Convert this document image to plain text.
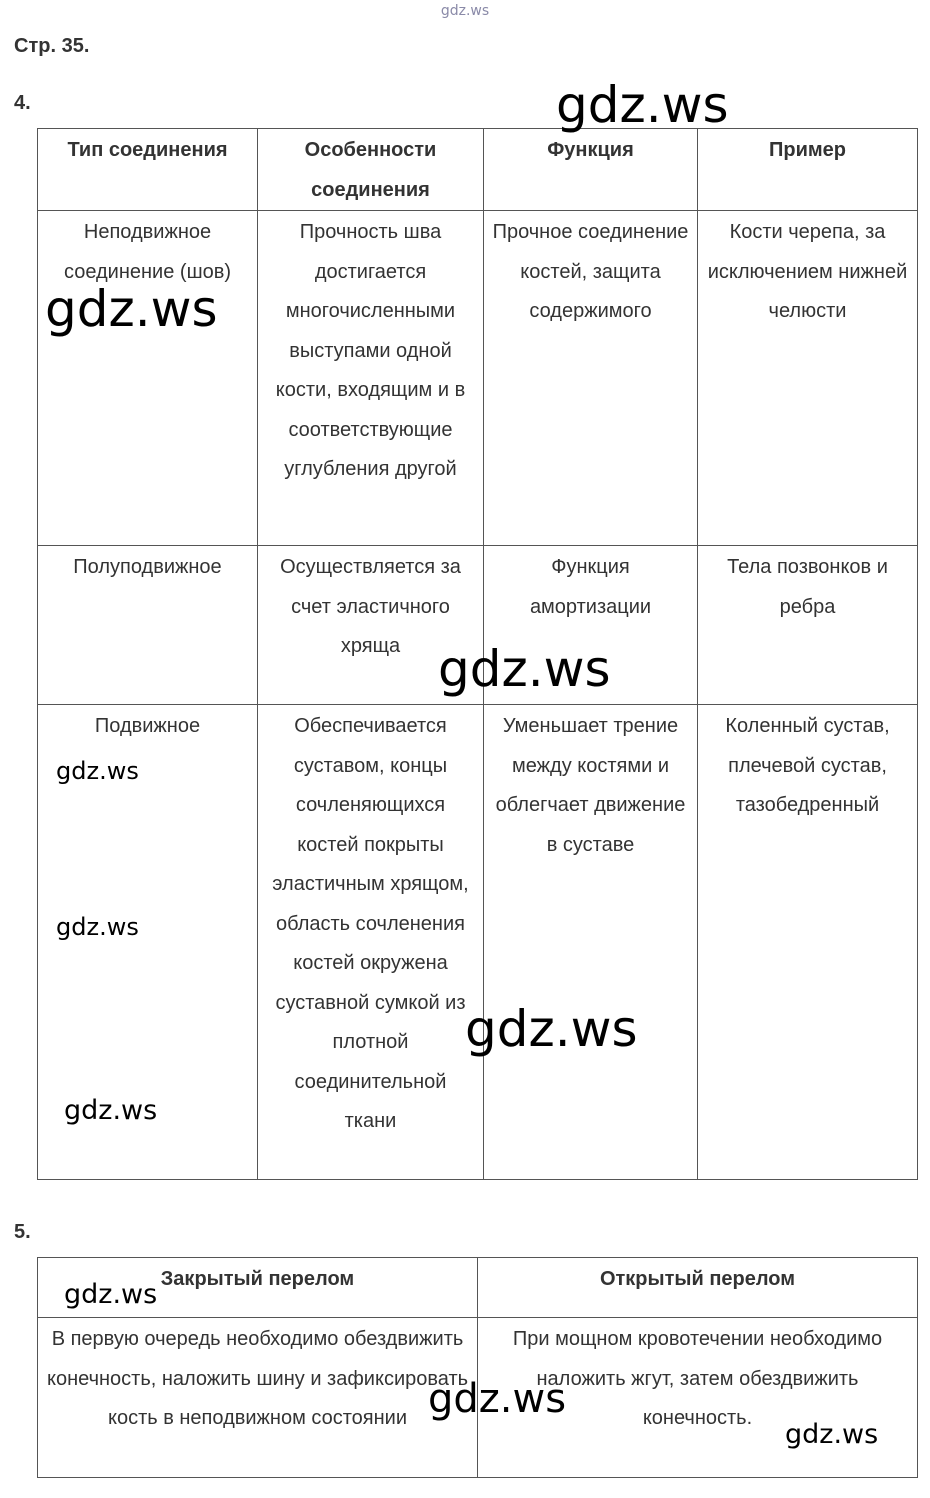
gdz.ws
Стр. 35.
4.
Тип соединения	Особенности соединения	Функция	Пример
Неподвижное соединение (шов)	Прочность шва достигается многочисленными выступами одной кости, входящим и в соответствующие углубления другой	Прочное соединение костей, защита содержимого	Кости черепа, за исключением нижней челюсти
Полуподвижное	Осуществляется за счет эластичного хряща	Функция амортизации	Тела позвонков и ребра
Подвижное	Обеспечивается суставом, концы сочленяющихся костей покрыты эластичным хрящом, область сочленения костей окружена суставной сумкой из плотной соединительной ткани	Уменьшает трение между костями и облегчает движение в суставе	Коленный сустав, плечевой сустав, тазобедренный
5.
Закрытый перелом	Открытый перелом
В первую очередь необходимо обездвижить конечность, наложить шину и зафиксировать кость в неподвижном состоянии	При мощном кровотечении необходимо наложить жгут, затем обездвижить конечность.
gdz.ws
gdz.ws
gdz.ws
gdz.ws
gdz.ws
gdz.ws
gdz.ws
gdz.ws
gdz.ws
gdz.ws
